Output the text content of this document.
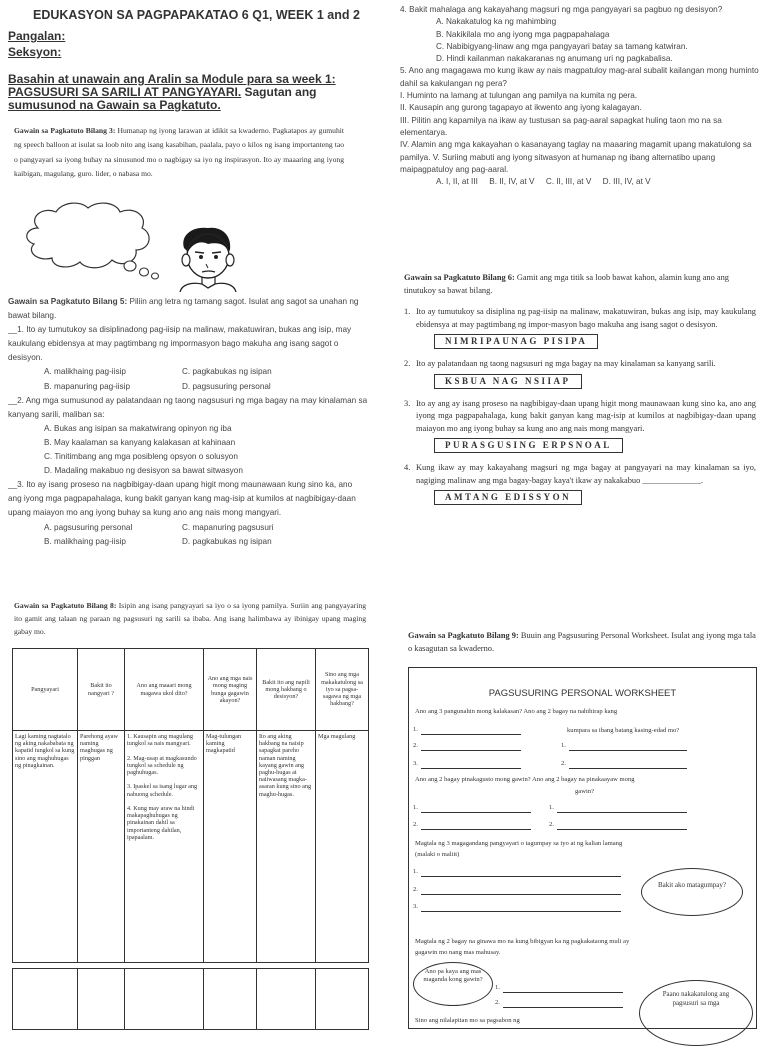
EDUKASYON SA PAGPAPAKATAO 6 Q1, WEEK 1 and 2
Pangalan:
Seksyon:
Basahin at unawain ang Aralin sa Module para sa week 1:
PAGSUSURI SA SARILI AT PANGYAYARI. Sagutan ang
sumusunod na Gawain sa Pagkatuto.
Gawain sa Pagkatuto Bilang 3: Humanap ng iyong larawan at idikit sa kwaderno. Pagkatapos ay gumuhit ng speech balloon at isulat sa loob nito ang isang kasabihan, paalala, payo o kilos ng isang importanteng tao o pangyayari sa iyong buhay na sinusunod mo o nagbigay sa iyo ng inspirasyon. Ito ay maaaring ang iyong kaibigan, magulang, guro. lider, o nabasa mo.

Gawain sa Pagkatuto Bilang 5: Piliin ang letra ng tamang sagot. Isulat ang sagot sa unahan ng bawat bilang.

__1. Ito ay tumutukoy sa disiplinadong pag-iisip na malinaw, makatuwiran, bukas ang isip, may kaukulang ebidensya at may pagtimbang ng impormasyon bago makuha ang isang sagot o desisyon.

A. malikhaing pag-iisip	C. pagkabukas ng isipan
B. mapanuring pag-iisip	D. pagsusuring personal

__2. Ang mga sumusunod ay palatandaan ng taong nagsusuri ng mga bagay na may kinalaman sa kanyang sarili, maliban sa:

A. Bukas ang isipan sa makatwirang opinyon ng iba

B. May kaalaman sa kanyang kalakasan at kahinaan

C. Tinitimbang ang mga posibleng opsyon o solusyon

D. Madaling makabuo ng desisyon sa bawat sitwasyon

__3. Ito ay isang proseso na nagbibigay-daan upang higit mong maunawaan kung sino ka, ano ang iyong mga pagpapahalaga, kung bakit ganyan kang mag-isip at kumilos at nagbibigay-daan upang maiayon mo ang iyong buhay sa kung ano ang nais mong mangyari.

A. pagsusuring personal	C. mapanuring pagsusuri
B. malikhaing pag-iisip	D. pagkabukas ng isipan

4. Bakit mahalaga ang kakayahang magsuri ng mga pangyayari sa pagbuo ng desisyon?

A. Nakakatulog ka ng mahimbing

B. Nakikilala mo ang iyong mga pagpapahalaga

C. Nabibigyang-linaw ang mga pangyayari batay sa tamang katwiran.

D. Hindi kailanman nakakaranas ng anumang uri ng pagkabalisa.

5. Ano ang magagawa mo kung ikaw ay nais magpatuloy mag-aral subalit kailangan mong huminto dahil sa kakulangan ng pera?

I. Huminto na lamang at tulungan ang pamilya na kumita ng pera.

II. Kausapin ang gurong tagapayo at ikwento ang iyong kalagayan.

III. Pilitin ang kapamilya na ikaw ay tustusan sa pag-aaral sapagkat huling taon mo na sa elementarya.

IV. Alamin ang mga kakayahan o kasanayang taglay na maaaring magamit upang makatulong sa pamilya. V. Suriing mabuti ang iyong sitwasyon at humanap ng ibang alternatibo upang maipagpatuloy ang pag-aaral.

A. I, II, at III     B. II, IV, at V     C. II, III, at V     D. III, IV, at V

Gawain sa Pagkatuto Bilang 6: Gamit ang mga titik sa loob bawat kahon, alamin kung ano ang tinutukoy sa bawat bilang.

1. Ito ay tumutukoy sa disiplina ng pag-iisip na malinaw, makatuwiran, bukas ang isip, may kaukulang ebidensya at may pagtimbang ng impor-masyon bago makuha ang isang sagot o desisyon.
NIMRIPAUNAG PISIPA
2. Ito ay palatandaan ng taong nagsusuri ng mga bagay na may kinalaman sa kanyang sarili.
KSBUA NAG NSIIAP
3. Ito ay ang ay isang proseso na nagbibigay-daan upang higit mong maunawaan kung sino ka, ano ang iyong mga pagpapahalaga, kung bakit ganyan kang mag-isip at kumilos at nagbibigay-daan upang maiayon mo ang iyong buhay sa kung ano ang nais mong mangyari.
PURASGUSING ERPSNOAL
4. Kung ikaw ay may kakayahang magsuri ng mga bagay at pangyayari na may kinalaman sa iyo, nagiging malinaw ang mga bagay-bagay kaya't ikaw ay nakakabuo ______________.
AMTANG EDISSYON
Gawain sa Pagkatuto Bilang 8: Isipin ang isang pangyayari sa iyo o sa iyong pamilya. Suriin ang pangyayaring ito gamit ang talaan ng paraan ng pagsusuri ng sarili sa ibaba. Ang isang halimbawa ay ibinigay upang maging gabay mo.
Pangyayari	Bakit ito nangyari ?	Ano ang maaari mong magawa ukol dito?	Ano ang mga nais mong maging bunga gagawin akayon?	Bakit ito ang napili mong hakbang o desisyon?	Sino ang mga makakatulong sa iyo sa pagsa-sagawa ng mga hakbang?
Lagi kaming nagtatalo ng aking nakababata ng kapatid tungkol sa kung sino ang maghuhugas ng pinagkainan.	Parehong ayaw naming maghugas ng pinggan	1. Kausapin ang magulang tungkol sa nais mangyari.

2. Mag-usap at magkasundo tungkol sa schedule ng paghuhugas.

3. Ipaskel sa isang lugar ang nabuong schedule.

4. Kung may araw na hindi makapaghuhugas ng pinakainan dahil sa importanteng dahilan, ipapaalam.	Mag-tulungan kaming magkapatid	Ito ang aking hakbang na naisip sapagkat pareho naman naming kayang gawin ang paghu-hugas at naiiwasang magka-asaran kung sino ang maghu-hugas.	Mga magulang

Gawain sa Pagkatuto Bilang 9: Buuin ang Pagsusuring Personal Worksheet. Isulat ang iyong mga tala o kasagutan sa kwaderno.
PAGSUSURING PERSONAL WORKSHEET
Ano ang 3 pangunahin mong kalakasan? Ano ang 2 bagay na nahihirap kang
kumpara sa ibang batang kasing-edad mo?
1.
2.	1.
3.	2.
Ano ang 2 bagay pinakagusto mong gawin? Ano ang 2 bagay na pinakaayaw mong
gawin?
1.	1.
2.	2.
Magtala ng 3 magagandang pangyayari o tagumpay sa iyo at ng kalian lamang
(malaki o maliit)
1.
2.
3.
Bakit ako matagumpay?
Magtala ng 2 bagay na ginawa mo na kung bibigyan ka ng pagkakataong muli ay
gagawin mo nang mas mahusay.
Ano pa kaya ang mas maganda kong gawin?
1.
2.
Paano nakakatulong ang pagsusuri sa mga
Sino ang nilalapitan mo sa pagsabon ng
